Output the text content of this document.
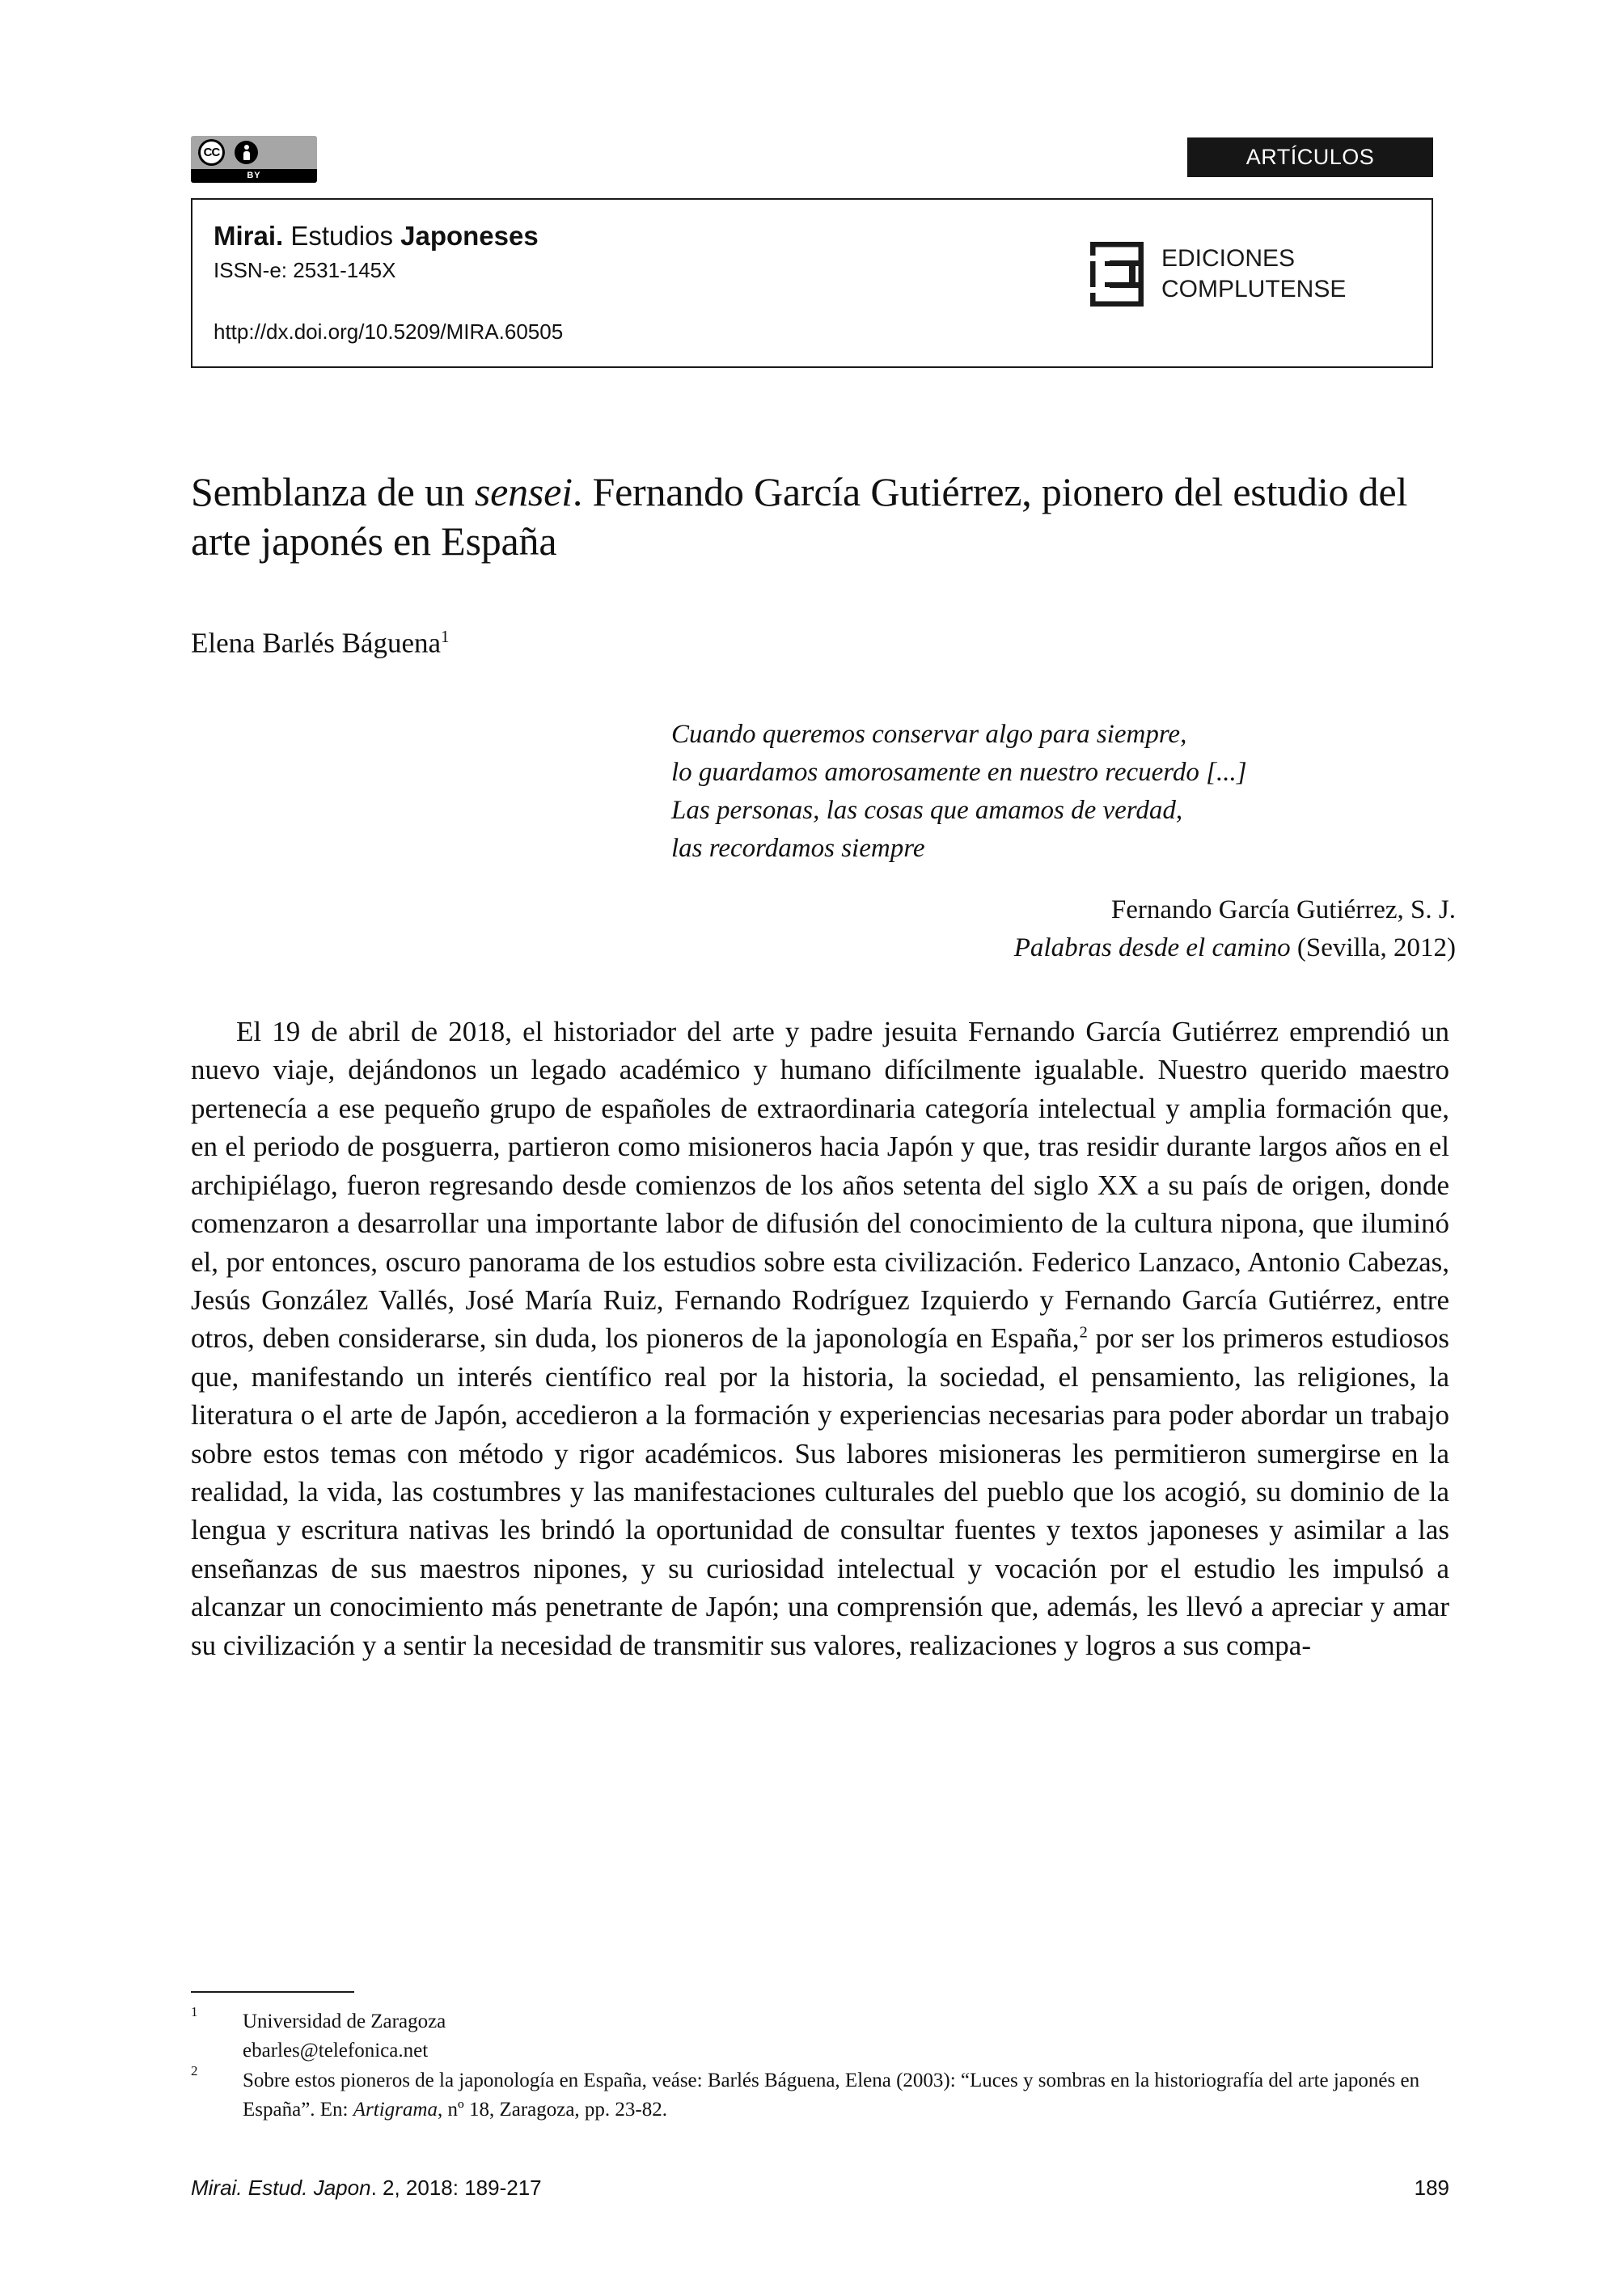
CC
BY
ARTÍCULOS
Mirai. Estudios Japoneses
ISSN-e: 2531-145X
http://dx.doi.org/10.5209/MIRA.60505
EDICIONES
COMPLUTENSE
Semblanza de un sensei. Fernando García Gutiérrez, pionero del estudio del arte japonés en España
Elena Barlés Báguena$^1$
Cuando queremos conservar algo para siempre,
lo guardamos amorosamente en nuestro recuerdo [...]
Las personas, las cosas que amamos de verdad,
las recordamos siempre
Fernando García Gutiérrez, S. J.
Palabras desde el camino (Sevilla, 2012)

El 19 de abril de 2018, el historiador del arte y padre jesuita Fernando García Gutiérrez emprendió un nuevo viaje, dejándonos un legado académico y humano difícilmente igualable. Nuestro querido maestro pertenecía a ese pequeño grupo de españoles de extraordinaria categoría intelectual y amplia formación que, en el periodo de posguerra, partieron como misioneros hacia Japón y que, tras residir durante largos años en el archipiélago, fueron regresando desde comienzos de los años setenta del siglo XX a su país de origen, donde comenzaron a desarrollar una importante labor de difusión del conocimiento de la cultura nipona, que iluminó el, por entonces, oscuro panorama de los estudios sobre esta civilización. Federico Lanzaco, Antonio Cabezas, Jesús González Vallés, José María Ruiz, Fernando Rodríguez Izquierdo y Fernando García Gutiérrez, entre otros, deben considerarse, sin duda, los pioneros de la japonología en España,$^2$ por ser los primeros estudiosos que, manifestando un interés científico real por la historia, la sociedad, el pensamiento, las religiones, la literatura o el arte de Japón, accedieron a la formación y experiencias necesarias para poder abordar un trabajo sobre estos temas con método y rigor académicos. Sus labores misioneras les permitieron sumergirse en la realidad, la vida, las costumbres y las manifestaciones culturales del pueblo que los acogió, su dominio de la lengua y escritura nativas les brindó la oportunidad de consultar fuentes y textos japoneses y asimilar a las enseñanzas de sus maestros nipones, y su curiosidad intelectual y vocación por el estudio les impulsó a alcanzar un conocimiento más penetrante de Japón; una comprensión que, además, les llevó a apreciar y amar su civilización y a sentir la necesidad de transmitir sus valores, realizaciones y logros a sus compa-

1 Universidad de Zaragoza
ebarles@telefonica.net
2 Sobre estos pioneros de la japonología en España, veáse: Barlés Báguena, Elena (2003): “Luces y sombras en la historiografía del arte japonés en España”. En: Artigrama, nº 18, Zaragoza, pp. 23-82.
Mirai. Estud. Japon. 2, 2018: 189-217	189
